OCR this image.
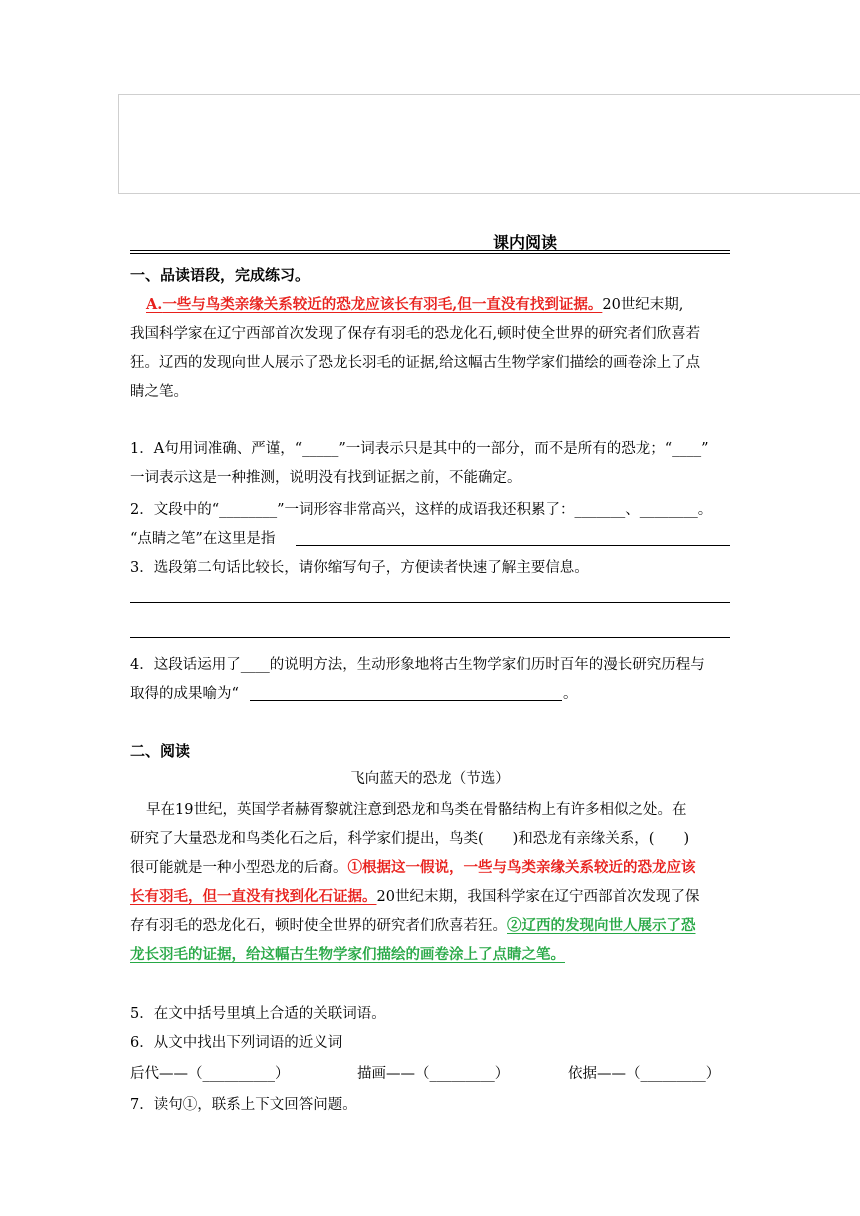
课内阅读
一、品读语段，完成练习。
A.一些与鸟类亲缘关系较近的恐龙应该长有羽毛,但一直没有找到证据。20世纪末期,
我国科学家在辽宁西部首次发现了保存有羽毛的恐龙化石,顿时使全世界的研究者们欣喜若
狂。辽西的发现向世人展示了恐龙长羽毛的证据,给这幅古生物学家们描绘的画卷涂上了点
睛之笔。
1．A句用词准确、严谨，“_____”一词表示只是其中的一部分，而不是所有的恐龙；“____”
一词表示这是一种推测，说明没有找到证据之前，不能确定。
2．文段中的“________”一词形容非常高兴，这样的成语我还积累了：_______、________。
“点睛之笔”在这里是指
3．选段第二句话比较长，请你缩写句子，方便读者快速了解主要信息。
4．这段话运用了____的说明方法，生动形象地将古生物学家们历时百年的漫长研究历程与
取得的成果喻为“	。
二、阅读
飞向蓝天的恐龙（节选）
早在19世纪，英国学者赫胥黎就注意到恐龙和鸟类在骨骼结构上有许多相似之处。在
研究了大量恐龙和鸟类化石之后，科学家们提出，鸟类(　　)和恐龙有亲缘关系，(　　)
很可能就是一种小型恐龙的后裔。①根据这一假说，一些与鸟类亲缘关系较近的恐龙应该
长有羽毛，但一直没有找到化石证据。20世纪末期，我国科学家在辽宁西部首次发现了保
存有羽毛的恐龙化石，顿时使全世界的研究者们欣喜若狂。②辽西的发现向世人展示了恐
龙长羽毛的证据，给这幅古生物学家们描绘的画卷涂上了点睛之笔。
5．在文中括号里填上合适的关联词语。
6．从文中找出下列词语的近义词
后代——（__________）	描画——（_________）	依据——（_________）
7．读句①，联系上下文回答问题。
